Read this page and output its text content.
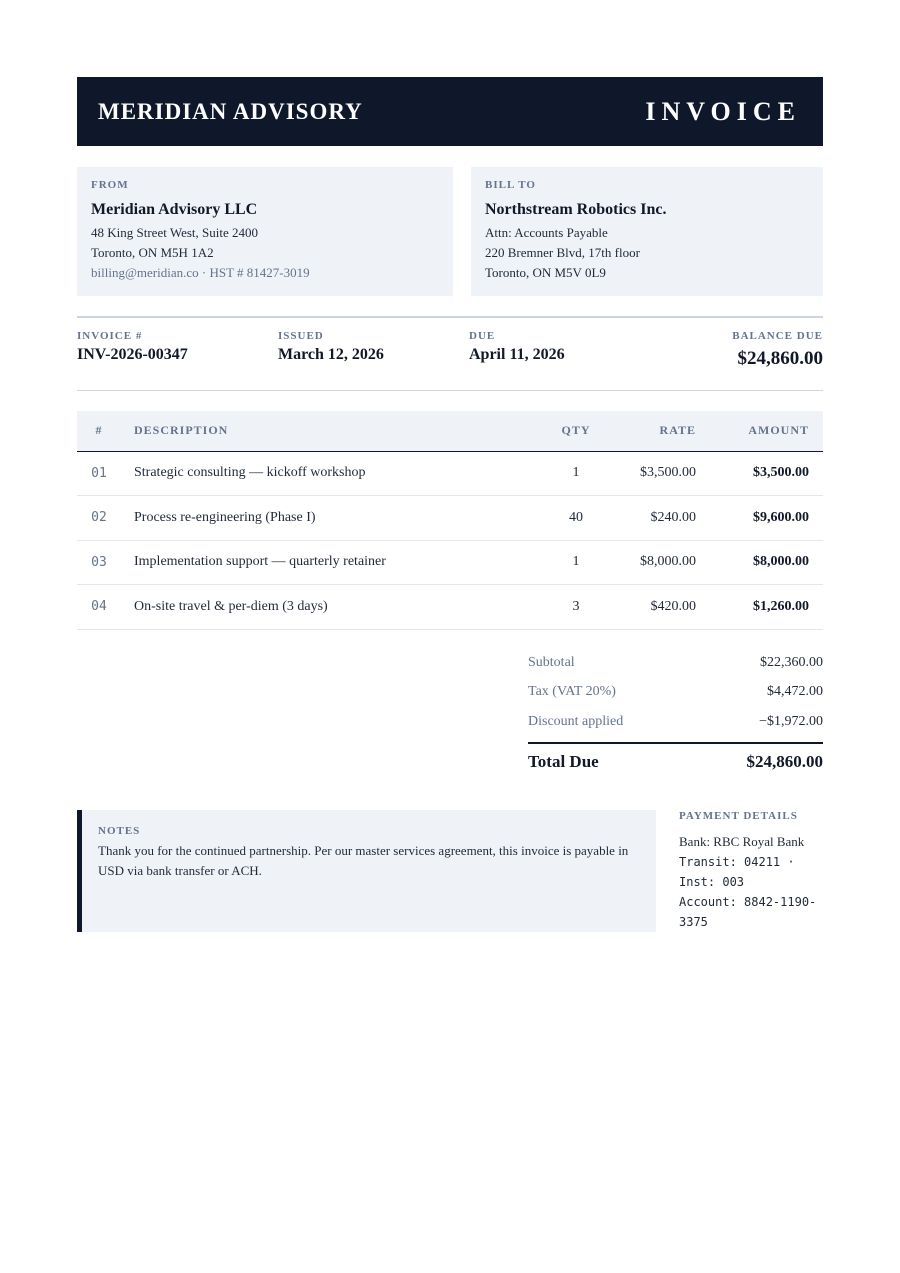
MERIDIAN ADVISORY	INVOICE
FROM
Meridian Advisory LLC
48 King Street West, Suite 2400
Toronto, ON M5H 1A2
billing@meridian.co · HST # 81427-3019
BILL TO
Northstream Robotics Inc.
Attn: Accounts Payable
220 Bremner Blvd, 17th floor
Toronto, ON M5V 0L9
INVOICE #
INV-2026-00347
ISSUED
March 12, 2026
DUE
April 11, 2026
BALANCE DUE
$24,860.00
#	DESCRIPTION	QTY	RATE	AMOUNT
01	Strategic consulting — kickoff workshop	1	$3,500.00	$3,500.00
02	Process re-engineering (Phase I)	40	$240.00	$9,600.00
03	Implementation support — quarterly retainer	1	$8,000.00	$8,000.00
04	On-site travel & per-diem (3 days)	3	$420.00	$1,260.00
Subtotal	$22,360.00
Tax (VAT 20%)	$4,472.00
Discount applied	−$1,972.00
Total Due	$24,860.00
NOTES
Thank you for the continued partnership. Per our master services agreement, this invoice is payable in USD via bank transfer or ACH.
PAYMENT DETAILS
Bank: RBC Royal Bank
Transit: 04211 · Inst: 003
Account: 8842-1190-3375
